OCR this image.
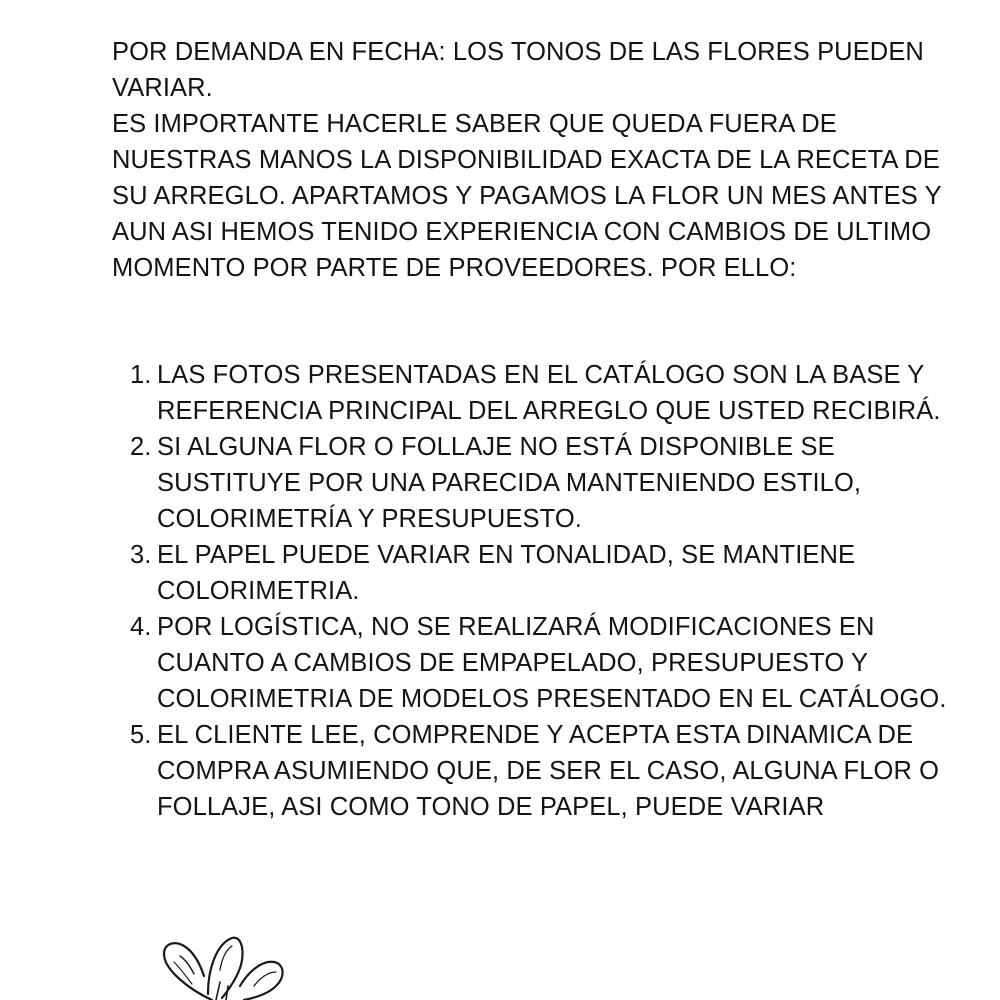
POR DEMANDA EN FECHA: LOS TONOS DE LAS FLORES PUEDEN VARIAR.

ES IMPORTANTE HACERLE SABER QUE QUEDA FUERA DE NUESTRAS MANOS LA DISPONIBILIDAD EXACTA DE LA RECETA DE SU ARREGLO. APARTAMOS Y PAGAMOS LA FLOR UN MES ANTES Y AUN ASI HEMOS TENIDO EXPERIENCIA CON CAMBIOS DE ULTIMO MOMENTO POR PARTE DE PROVEEDORES. POR ELLO:

1. LAS FOTOS PRESENTADAS EN EL CATÁLOGO SON LA BASE Y REFERENCIA PRINCIPAL DEL ARREGLO QUE USTED RECIBIRÁ.
2. SI ALGUNA FLOR O FOLLAJE NO ESTÁ DISPONIBLE SE SUSTITUYE POR UNA PARECIDA MANTENIENDO ESTILO, COLORIMETRÍA Y PRESUPUESTO.
3. EL PAPEL PUEDE VARIAR EN TONALIDAD, SE MANTIENE COLORIMETRIA.
4. POR LOGÍSTICA, NO SE REALIZARÁ MODIFICACIONES EN CUANTO A CAMBIOS DE EMPAPELADO, PRESUPUESTO Y COLORIMETRIA DE MODELOS PRESENTADO EN EL CATÁLOGO.
5. EL CLIENTE LEE, COMPRENDE Y ACEPTA ESTA DINAMICA DE COMPRA ASUMIENDO QUE, DE SER EL CASO, ALGUNA FLOR O FOLLAJE, ASI COMO TONO DE PAPEL, PUEDE VARIAR
